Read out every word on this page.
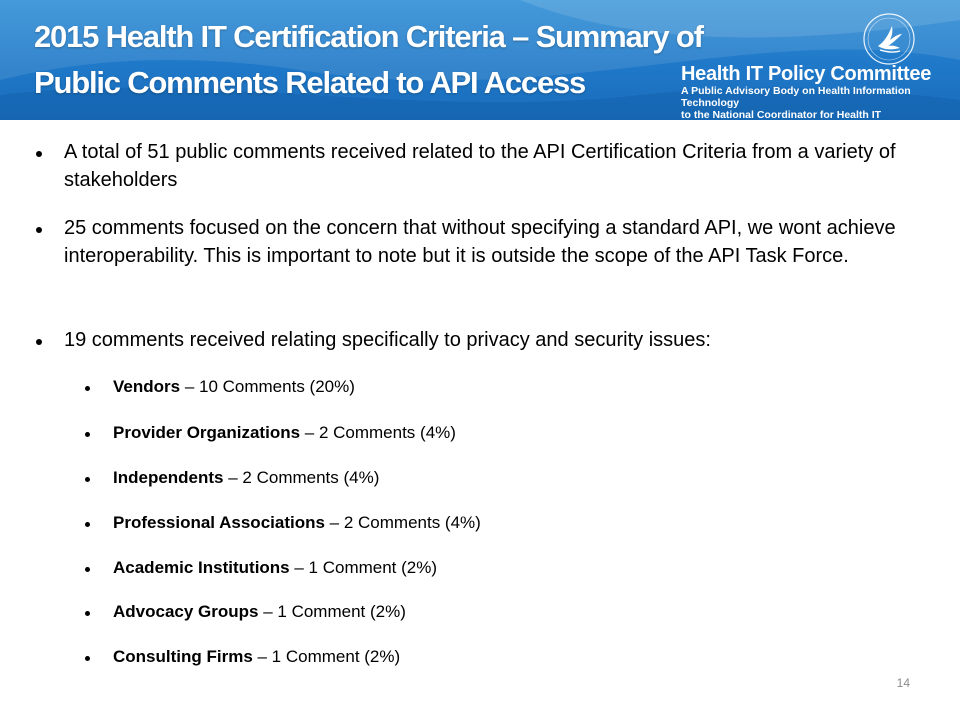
2015 Health IT Certification Criteria – Summary of
Public Comments Related to API Access	Health IT Policy Committee
A Public Advisory Body on Health Information Technology
to the National Coordinator for Health IT
A total of 51 public comments received related to the API Certification Criteria from a variety of stakeholders
25 comments focused on the concern that without specifying a standard API, we wont achieve interoperability. This is important to note but it is outside the scope of the API Task Force.
19 comments received relating specifically to privacy and security issues:
Vendors – 10 Comments (20%)
Provider Organizations – 2 Comments (4%)
Independents – 2 Comments (4%)
Professional Associations – 2 Comments (4%)
Academic Institutions – 1 Comment (2%)
Advocacy Groups – 1 Comment (2%)
Consulting Firms – 1 Comment (2%)
14
